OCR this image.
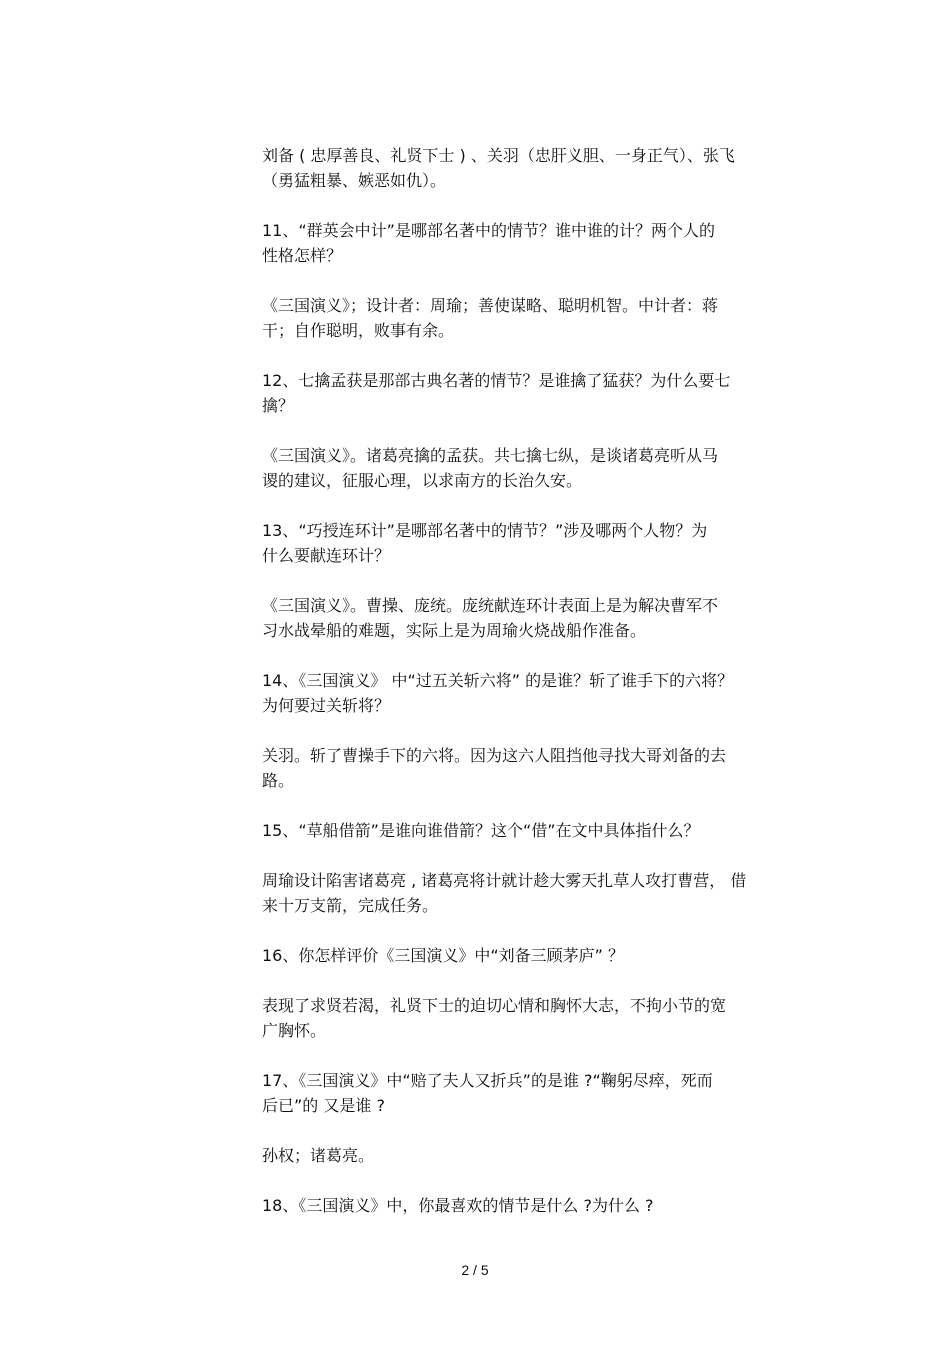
刘备 ( 忠厚善良、礼贤下士 ) 、关羽（忠肝义胆、一身正气）、张飞
（勇猛粗暴、嫉恶如仇）。
11、“群英会中计”是哪部名著中的情节？谁中谁的计？两个人的
性格怎样？
《三国演义》；设计者：周瑜；善使谋略、聪明机智。中计者：蒋
干；自作聪明，败事有余。
12、七擒孟获是那部古典名著的情节？是谁擒了猛获？为什么要七
擒？
《三国演义》。诸葛亮擒的孟获。共七擒七纵，是谈诸葛亮听从马
谡的建议，征服心理，以求南方的长治久安。
13、“巧授连环计”是哪部名著中的情节？”涉及哪两个人物？为
什么要献连环计？
《三国演义》。曹操、庞统。庞统献连环计表面上是为解决曹军不
习水战晕船的难题，实际上是为周瑜火烧战船作准备。
14、《三国演义》 中“过五关斩六将” 的是谁？斩了谁手下的六将？
为何要过关斩将？
关羽。斩了曹操手下的六将。因为这六人阻挡他寻找大哥刘备的去
路。
15、“草船借箭”是谁向谁借箭？这个“借”在文中具体指什么？
周瑜设计陷害诸葛亮 , 诸葛亮将计就计趁大雾天扎草人攻打曹营， 借
来十万支箭，完成任务。
16、你怎样评价《三国演义》中“刘备三顾茅庐” ？
表现了求贤若渴，礼贤下士的迫切心情和胸怀大志，不拘小节的宽
广胸怀。
17、《三国演义》中“赔了夫人又折兵”的是谁 ?“鞠躬尽瘁，死而
后已”的 又是谁 ?
孙权；诸葛亮。
18、《三国演义》中，你最喜欢的情节是什么 ?为什么 ?
2 / 5
